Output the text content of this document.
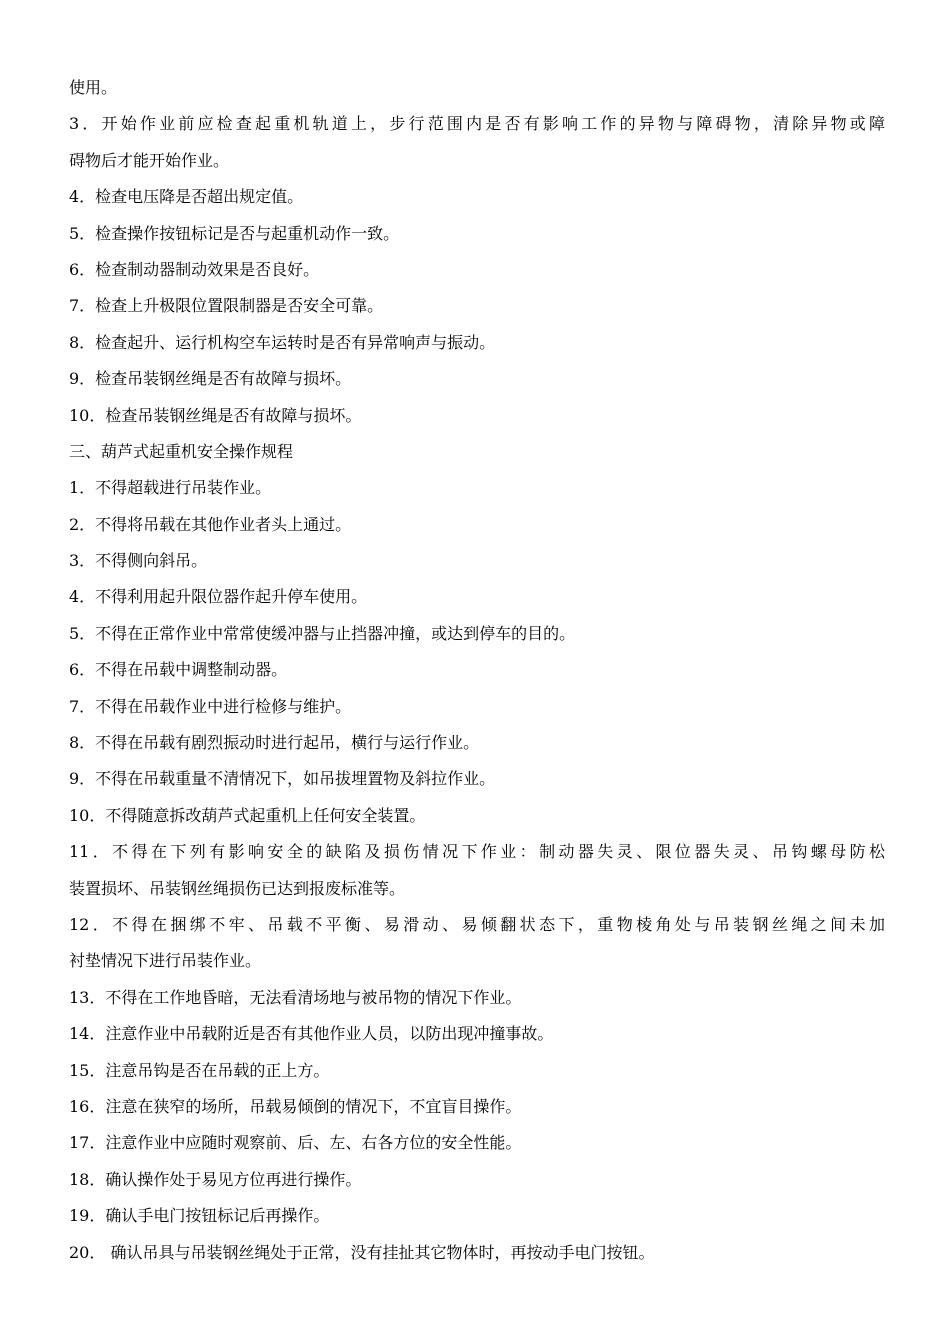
使用。
3．开始作业前应检查起重机轨道上，步行范围内是否有影响工作的异物与障碍物，清除异物或障
碍物后才能开始作业。
4．检查电压降是否超出规定值。
5．检查操作按钮标记是否与起重机动作一致。
6．检查制动器制动效果是否良好。
7．检查上升极限位置限制器是否安全可靠。
8．检查起升、运行机构空车运转时是否有异常响声与振动。
9．检查吊装钢丝绳是否有故障与损坏。
10．检查吊装钢丝绳是否有故障与损坏。
三、葫芦式起重机安全操作规程
1．不得超载进行吊装作业。
2．不得将吊载在其他作业者头上通过。
3．不得侧向斜吊。
4．不得利用起升限位器作起升停车使用。
5．不得在正常作业中常常使缓冲器与止挡器冲撞，或达到停车的目的。
6．不得在吊载中调整制动器。
7．不得在吊载作业中进行检修与维护。
8．不得在吊载有剧烈振动时进行起吊，横行与运行作业。
9．不得在吊载重量不清情况下，如吊拔埋置物及斜拉作业。
10．不得随意拆改葫芦式起重机上任何安全装置。
11．不得在下列有影响安全的缺陷及损伤情况下作业：制动器失灵、限位器失灵、吊钩螺母防松
装置损坏、吊装钢丝绳损伤已达到报废标准等。
12．不得在捆绑不牢、吊载不平衡、易滑动、易倾翻状态下，重物棱角处与吊装钢丝绳之间未加
衬垫情况下进行吊装作业。
13．不得在工作地昏暗，无法看清场地与被吊物的情况下作业。
14．注意作业中吊载附近是否有其他作业人员，以防出现冲撞事故。
15．注意吊钩是否在吊载的正上方。
16．注意在狭窄的场所，吊载易倾倒的情况下，不宜盲目操作。
17．注意作业中应随时观察前、后、左、右各方位的安全性能。
18．确认操作处于易见方位再进行操作。
19．确认手电门按钮标记后再操作。
20． 确认吊具与吊装钢丝绳处于正常，没有挂扯其它物体时，再按动手电门按钮。
